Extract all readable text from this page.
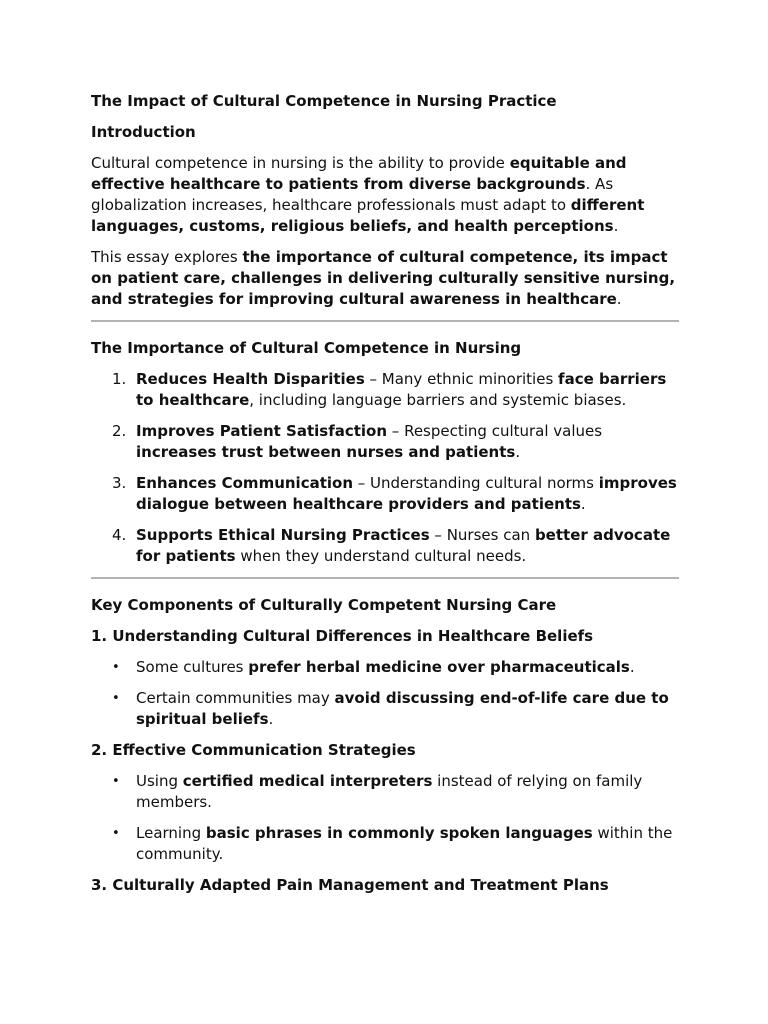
The Impact of Cultural Competence in Nursing Practice
Introduction

Cultural competence in nursing is the ability to provide equitable and effective healthcare to patients from diverse backgrounds. As globalization increases, healthcare professionals must adapt to different languages, customs, religious beliefs, and health perceptions.

This essay explores the importance of cultural competence, its impact on patient care, challenges in delivering culturally sensitive nursing, and strategies for improving cultural awareness in healthcare.

The Importance of Cultural Competence in Nursing
1. Reduces Health Disparities – Many ethnic minorities face barriers to healthcare, including language barriers and systemic biases.
2. Improves Patient Satisfaction – Respecting cultural values increases trust between nurses and patients.
3. Enhances Communication – Understanding cultural norms improves dialogue between healthcare providers and patients.
4. Supports Ethical Nursing Practices – Nurses can better advocate for patients when they understand cultural needs.
Key Components of Culturally Competent Nursing Care
1. Understanding Cultural Differences in Healthcare Beliefs
• Some cultures prefer herbal medicine over pharmaceuticals.
• Certain communities may avoid discussing end-of-life care due to spiritual beliefs.
2. Effective Communication Strategies
• Using certified medical interpreters instead of relying on family members.
• Learning basic phrases in commonly spoken languages within the community.
3. Culturally Adapted Pain Management and Treatment Plans
